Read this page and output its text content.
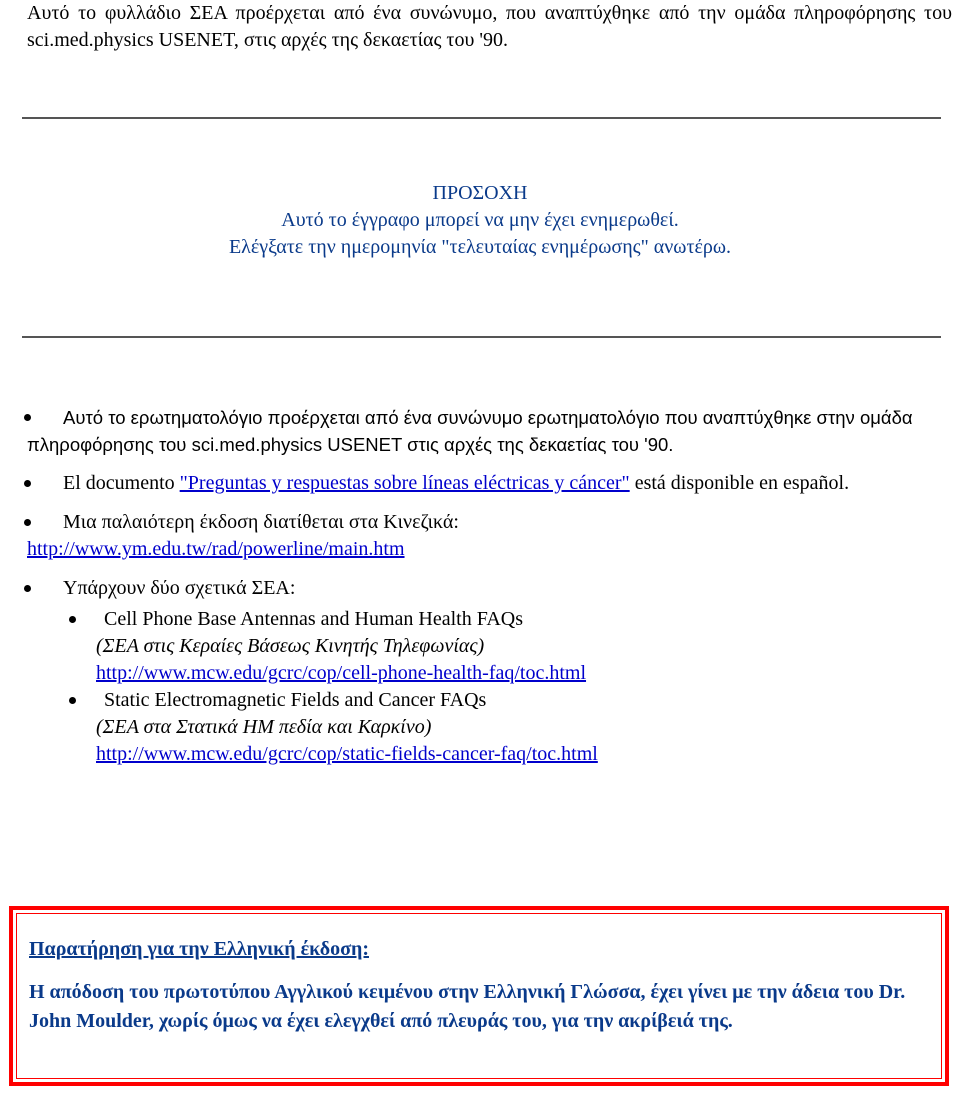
Αυτό το φυλλάδιο ΣΕΑ προέρχεται από ένα συνώνυμο, που αναπτύχθηκε από την ομάδα πληροφόρησης του sci.med.physics USENET, στις αρχές της δεκαετίας του '90.

ΠΡΟΣΟΧΗ
Αυτό το έγγραφο μπορεί να μην έχει ενημερωθεί.
Ελέγξατε την ημερομηνία "τελευταίας ενημέρωσης" ανωτέρω.
Αυτό το ερωτηματολόγιο προέρχεται από ένα συνώνυμο ερωτηματολόγιο που αναπτύχθηκε στην ομάδα πληροφόρησης του sci.med.physics USENET στις αρχές της δεκαετίας του '90.
El documento "Preguntas y respuestas sobre líneas eléctricas y cáncer" está disponible en español.
Μια παλαιότερη έκδοση διατίθεται στα Κινεζικά:
http://www.ym.edu.tw/rad/powerline/main.htm
Υπάρχουν δύο σχετικά ΣΕΑ:
Cell Phone Base Antennas and Human Health FAQs
(ΣΕΑ στις Κεραίες Βάσεως Κινητής Τηλεφωνίας)
http://www.mcw.edu/gcrc/cop/cell-phone-health-faq/toc.html
Static Electromagnetic Fields and Cancer FAQs
(ΣΕΑ στα Στατικά ΗΜ πεδία και Καρκίνο)
http://www.mcw.edu/gcrc/cop/static-fields-cancer-faq/toc.html

Παρατήρηση για την Ελληνική έκδοση:

Η απόδοση του πρωτοτύπου Αγγλικού κειμένου στην Ελληνική Γλώσσα, έχει γίνει με την άδεια του Dr. John Moulder, χωρίς όμως να έχει ελεγχθεί από πλευράς του, για την ακρίβειά της.
